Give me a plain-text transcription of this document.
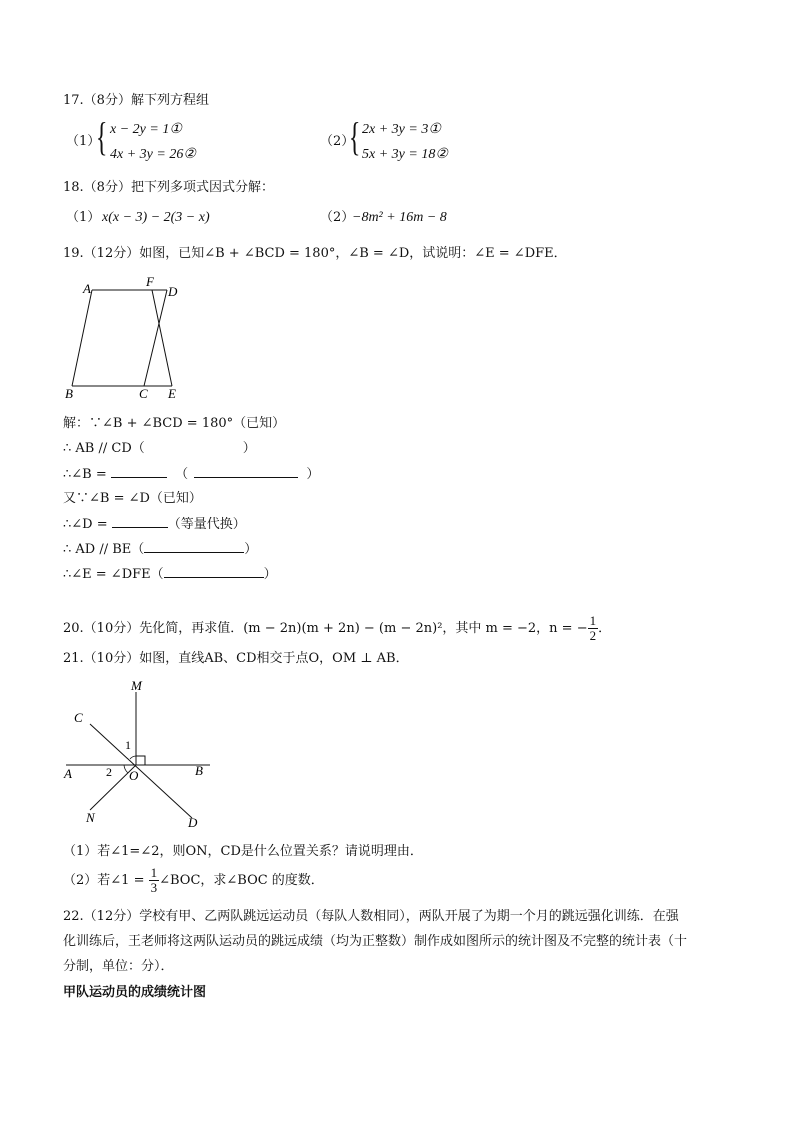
17.（8分）解下列方程组
（1）
{ x − 2y = 1①
4x + 3y = 26②
（2）
{ 2x + 3y = 3①
5x + 3y = 18②
18.（8分）把下列多项式因式分解：
（1） x(x − 3) − 2(3 − x)	（2）
−8m² + 16m − 8
19.（12分）如图，已知∠B + ∠BCD = 180°，∠B = ∠D，试说明：∠E = ∠DFE．
A	F
D
B	C E
解：∵∠B + ∠BCD = 180°（已知）
∴ AB // CD（	）
∴∠B =	（	）
又∵∠B = ∠D（已知）
∴∠D =	（等量代换）
∴ AD // BE（	）
∴∠E = ∠DFE（	）
20.（10分）先化简，再求值．(m − 2n)(m + 2n) − (m − 2n)²，其中 m = −2，n = − $\frac{1}{2}$ ．
21.（10分）如图，直线AB、CD相交于点O，OM ⊥ AB．
M
C
1
A	2 O	B
N	D
（1）若∠1=∠2，则ON，CD是什么位置关系？请说明理由．
（2）若∠1 = $\frac{1}{3}$ ∠BOC，求∠BOC 的度数．
22.（12分）学校有甲、乙两队跳远运动员（每队人数相同），两队开展了为期一个月的跳远强化训练．在强
化训练后，王老师将这两队运动员的跳远成绩（均为正整数）制作成如图所示的统计图及不完整的统计表（十
分制，单位：分）．
甲队运动员的成绩统计图
